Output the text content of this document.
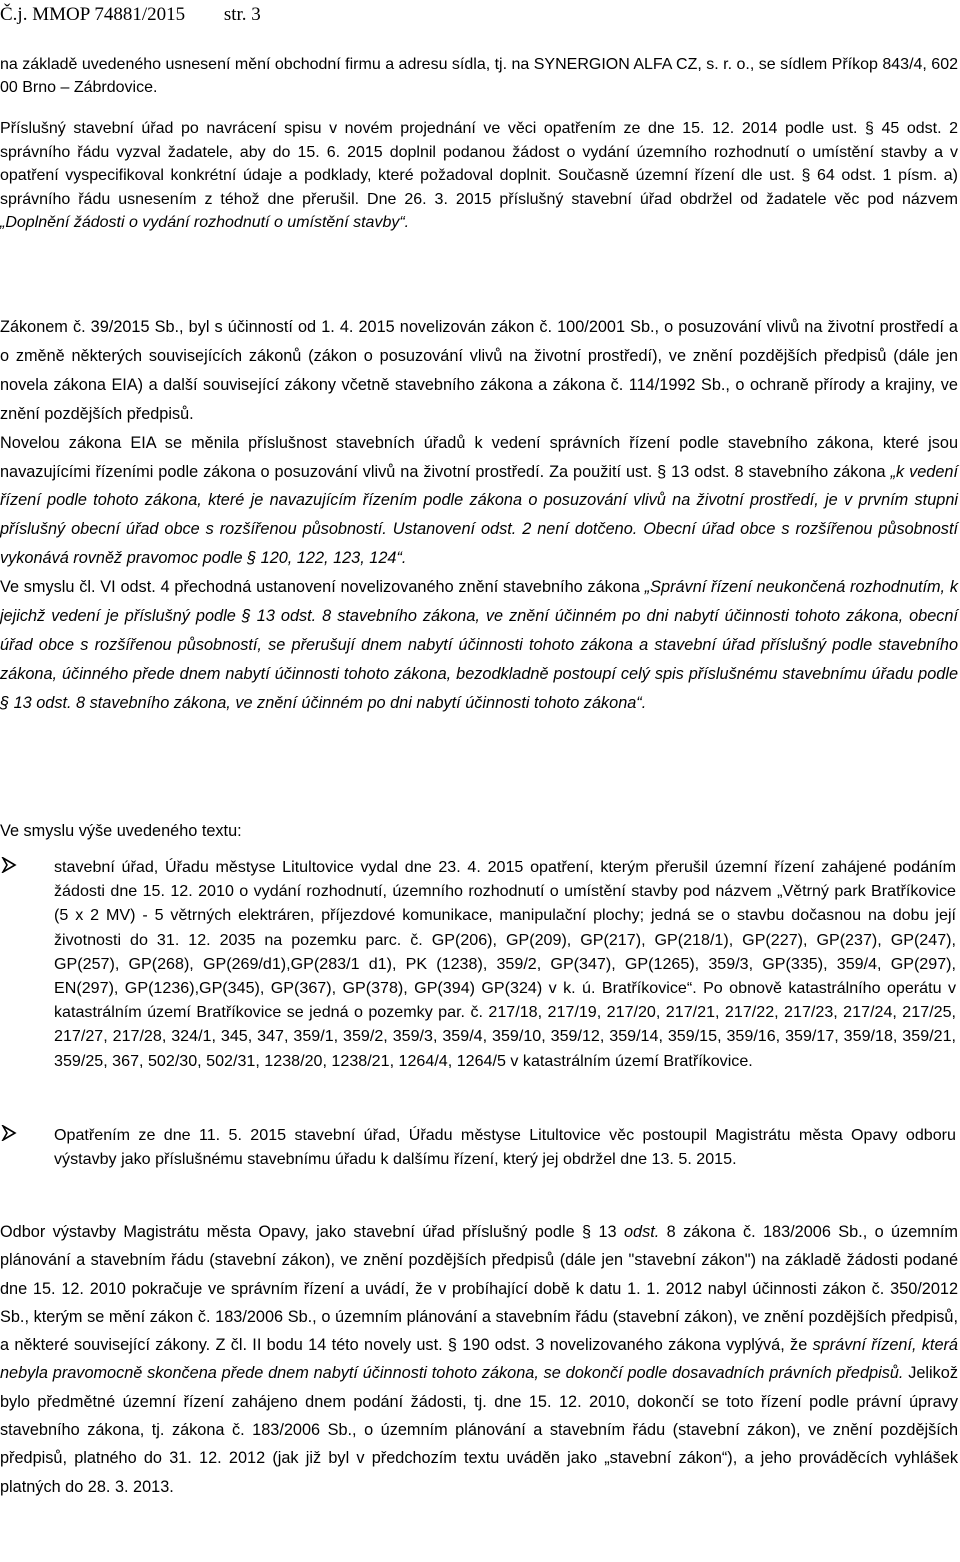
Č.j. MMOP 74881/2015 str. 3
na základě uvedeného usnesení mění obchodní firmu a adresu sídla, tj. na SYNERGION ALFA CZ, s. r. o., se sídlem Příkop 843/4, 602 00 Brno – Zábrdovice.
Příslušný stavební úřad po navrácení spisu v novém projednání ve věci opatřením ze dne 15. 12. 2014 podle ust. § 45 odst. 2 správního řádu vyzval žadatele, aby do 15. 6. 2015 doplnil podanou žádost o vydání územního rozhodnutí o umístění stavby a v opatření vyspecifikoval konkrétní údaje a podklady, které požadoval doplnit. Současně územní řízení dle ust. § 64 odst. 1 písm. a) správního řádu usnesením z téhož dne přerušil. Dne 26. 3. 2015 příslušný stavební úřad obdržel od žadatele věc pod názvem „Doplnění žádosti o vydání rozhodnutí o umístění stavby“.
Zákonem č. 39/2015 Sb., byl s účinností od 1. 4. 2015 novelizován zákon č. 100/2001 Sb., o posuzování vlivů na životní prostředí a o změně některých souvisejících zákonů (zákon o posuzování vlivů na životní prostředí), ve znění pozdějších předpisů (dále jen novela zákona EIA) a další související zákony včetně stavebního zákona a zákona č. 114/1992 Sb., o ochraně přírody a krajiny, ve znění pozdějších předpisů.
Novelou zákona EIA se měnila příslušnost stavebních úřadů k vedení správních řízení podle stavebního zákona, které jsou navazujícími řízeními podle zákona o posuzování vlivů na životní prostředí. Za použití ust. § 13 odst. 8 stavebního zákona „k vedení řízení podle tohoto zákona, které je navazujícím řízením podle zákona o posuzování vlivů na životní prostředí, je v prvním stupni příslušný obecní úřad obce s rozšířenou působností. Ustanovení odst. 2 není dotčeno. Obecní úřad obce s rozšířenou působností vykonává rovněž pravomoc podle § 120, 122, 123, 124“.
Ve smyslu čl. VI odst. 4 přechodná ustanovení novelizovaného znění stavebního zákona „Správní řízení neukončená rozhodnutím, k jejichž vedení je příslušný podle § 13 odst. 8 stavebního zákona, ve znění účinném po dni nabytí účinnosti tohoto zákona, obecní úřad obce s rozšířenou působností, se přerušují dnem nabytí účinnosti tohoto zákona a stavební úřad příslušný podle stavebního zákona, účinného přede dnem nabytí účinnosti tohoto zákona, bezodkladně postoupí celý spis příslušnému stavebnímu úřadu podle § 13 odst. 8 stavebního zákona, ve znění účinném po dni nabytí účinnosti tohoto zákona“.
Ve smyslu výše uvedeného textu:
stavební úřad, Úřadu městyse Litultovice vydal dne 23. 4. 2015 opatření, kterým přerušil územní řízení zahájené podáním žádosti dne 15. 12. 2010 o vydání rozhodnutí, územního rozhodnutí o umístění stavby pod názvem „Větrný park Bratříkovice (5 x 2 MV) - 5 větrných elektráren, příjezdové komunikace, manipulační plochy; jedná se o stavbu dočasnou na dobu její životnosti do 31. 12. 2035 na pozemku parc. č. GP(206), GP(209), GP(217), GP(218/1), GP(227), GP(237), GP(247), GP(257), GP(268), GP(269/d1),GP(283/1 d1), PK (1238), 359/2, GP(347), GP(1265), 359/3, GP(335), 359/4, GP(297), EN(297), GP(1236),GP(345), GP(367), GP(378), GP(394) GP(324) v k. ú. Bratříkovice“. Po obnově katastrálního operátu v katastrálním území Bratříkovice se jedná o pozemky par. č. 217/18, 217/19, 217/20, 217/21, 217/22, 217/23, 217/24, 217/25, 217/27, 217/28, 324/1, 345, 347, 359/1, 359/2, 359/3, 359/4, 359/10, 359/12, 359/14, 359/15, 359/16, 359/17, 359/18, 359/21, 359/25, 367, 502/30, 502/31, 1238/20, 1238/21, 1264/4, 1264/5 v katastrálním území Bratříkovice.
Opatřením ze dne 11. 5. 2015 stavební úřad, Úřadu městyse Litultovice věc postoupil Magistrátu města Opavy odboru výstavby jako příslušnému stavebnímu úřadu k dalšímu řízení, který jej obdržel dne 13. 5. 2015.
Odbor výstavby Magistrátu města Opavy, jako stavební úřad příslušný podle § 13 odst. 8 zákona č. 183/2006 Sb., o územním plánování a stavebním řádu (stavební zákon), ve znění pozdějších předpisů (dále jen "stavební zákon") na základě žádosti podané dne 15. 12. 2010 pokračuje ve správním řízení a uvádí, že v probíhající době k datu 1. 1. 2012 nabyl účinnosti zákon č. 350/2012 Sb., kterým se mění zákon č. 183/2006 Sb., o územním plánování a stavebním řádu (stavební zákon), ve znění pozdějších předpisů, a některé související zákony. Z čl. II bodu 14 této novely ust. § 190 odst. 3 novelizovaného zákona vyplývá, že správní řízení, která nebyla pravomocně skončena přede dnem nabytí účinnosti tohoto zákona, se dokončí podle dosavadních právních předpisů. Jelikož bylo předmětné územní řízení zahájeno dnem podání žádosti, tj. dne 15. 12. 2010, dokončí se toto řízení podle právní úpravy stavebního zákona, tj. zákona č. 183/2006 Sb., o územním plánování a stavebním řádu (stavební zákon), ve znění pozdějších předpisů, platného do 31. 12. 2012 (jak již byl v předchozím textu uváděn jako „stavební zákon“), a jeho prováděcích vyhlášek platných do 28. 3. 2013.
